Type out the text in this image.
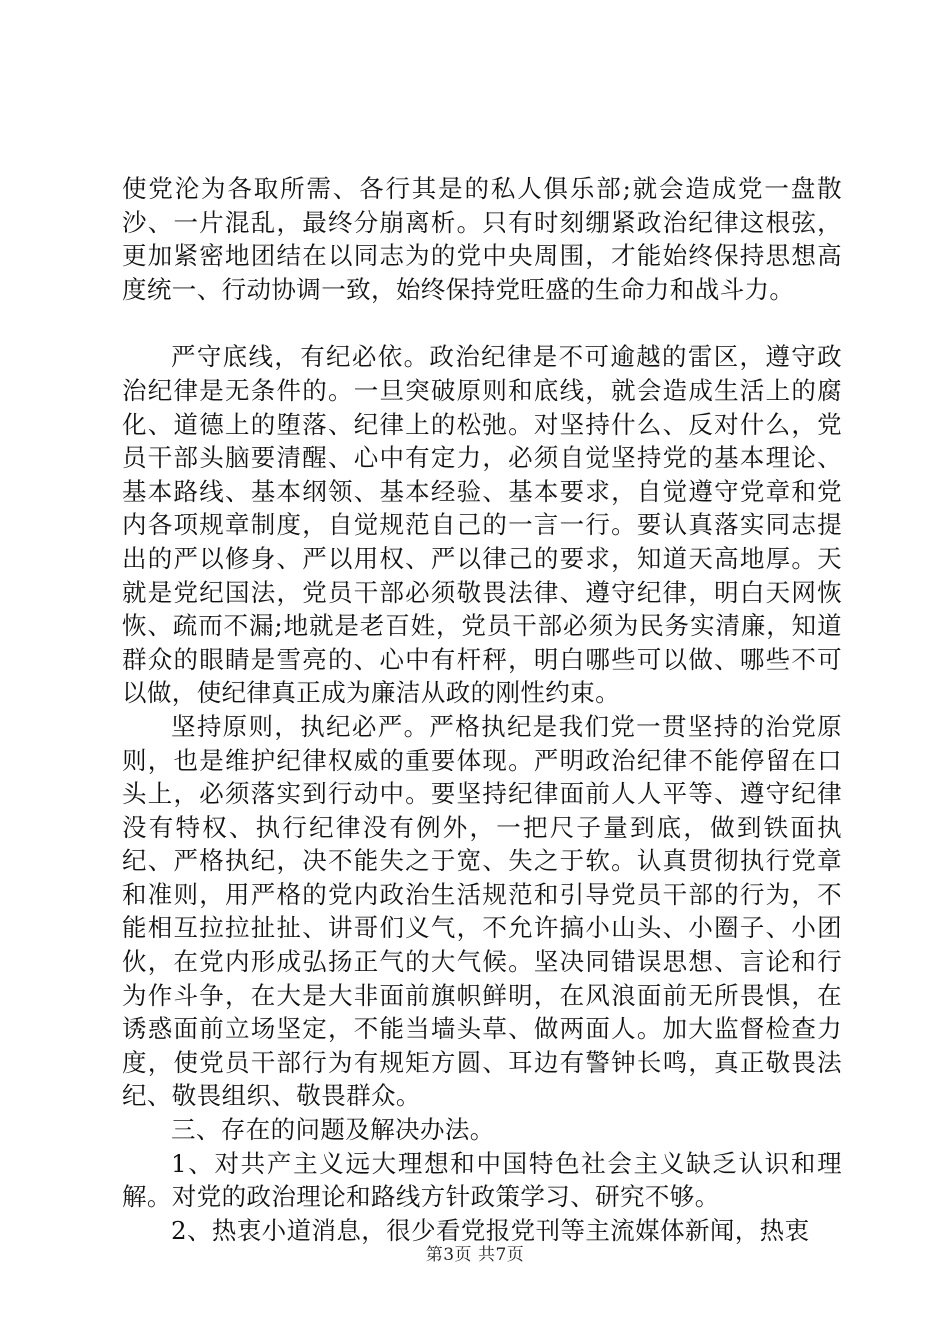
使党沦为各取所需、各行其是的私人俱乐部;就会造成党一盘散沙、一片混乱，最终分崩离析。只有时刻绷紧政治纪律这根弦，更加紧密地团结在以同志为的党中央周围，才能始终保持思想高度统一、行动协调一致，始终保持党旺盛的生命力和战斗力。

严守底线，有纪必依。政治纪律是不可逾越的雷区，遵守政治纪律是无条件的。一旦突破原则和底线，就会造成生活上的腐化、道德上的堕落、纪律上的松弛。对坚持什么、反对什么，党员干部头脑要清醒、心中有定力，必须自觉坚持党的基本理论、基本路线、基本纲领、基本经验、基本要求，自觉遵守党章和党内各项规章制度，自觉规范自己的一言一行。要认真落实同志提出的严以修身、严以用权、严以律己的要求，知道天高地厚。天就是党纪国法，党员干部必须敬畏法律、遵守纪律，明白天网恢恢、疏而不漏;地就是老百姓，党员干部必须为民务实清廉，知道群众的眼睛是雪亮的、心中有杆秤，明白哪些可以做、哪些不可以做，使纪律真正成为廉洁从政的刚性约束。

坚持原则，执纪必严。严格执纪是我们党一贯坚持的治党原则，也是维护纪律权威的重要体现。严明政治纪律不能停留在口头上，必须落实到行动中。要坚持纪律面前人人平等、遵守纪律没有特权、执行纪律没有例外，一把尺子量到底，做到铁面执纪、严格执纪，决不能失之于宽、失之于软。认真贯彻执行党章和准则，用严格的党内政治生活规范和引导党员干部的行为，不能相互拉拉扯扯、讲哥们义气，不允许搞小山头、小圈子、小团伙，在党内形成弘扬正气的大气候。坚决同错误思想、言论和行为作斗争，在大是大非面前旗帜鲜明，在风浪面前无所畏惧，在诱惑面前立场坚定，不能当墙头草、做两面人。加大监督检查力度，使党员干部行为有规矩方圆、耳边有警钟长鸣，真正敬畏法纪、敬畏组织、敬畏群众。

三、存在的问题及解决办法。

1、对共产主义远大理想和中国特色社会主义缺乏认识和理解。对党的政治理论和路线方针政策学习、研究不够。

2、热衷小道消息，很少看党报党刊等主流媒体新闻，热衷

第3页 共7页
